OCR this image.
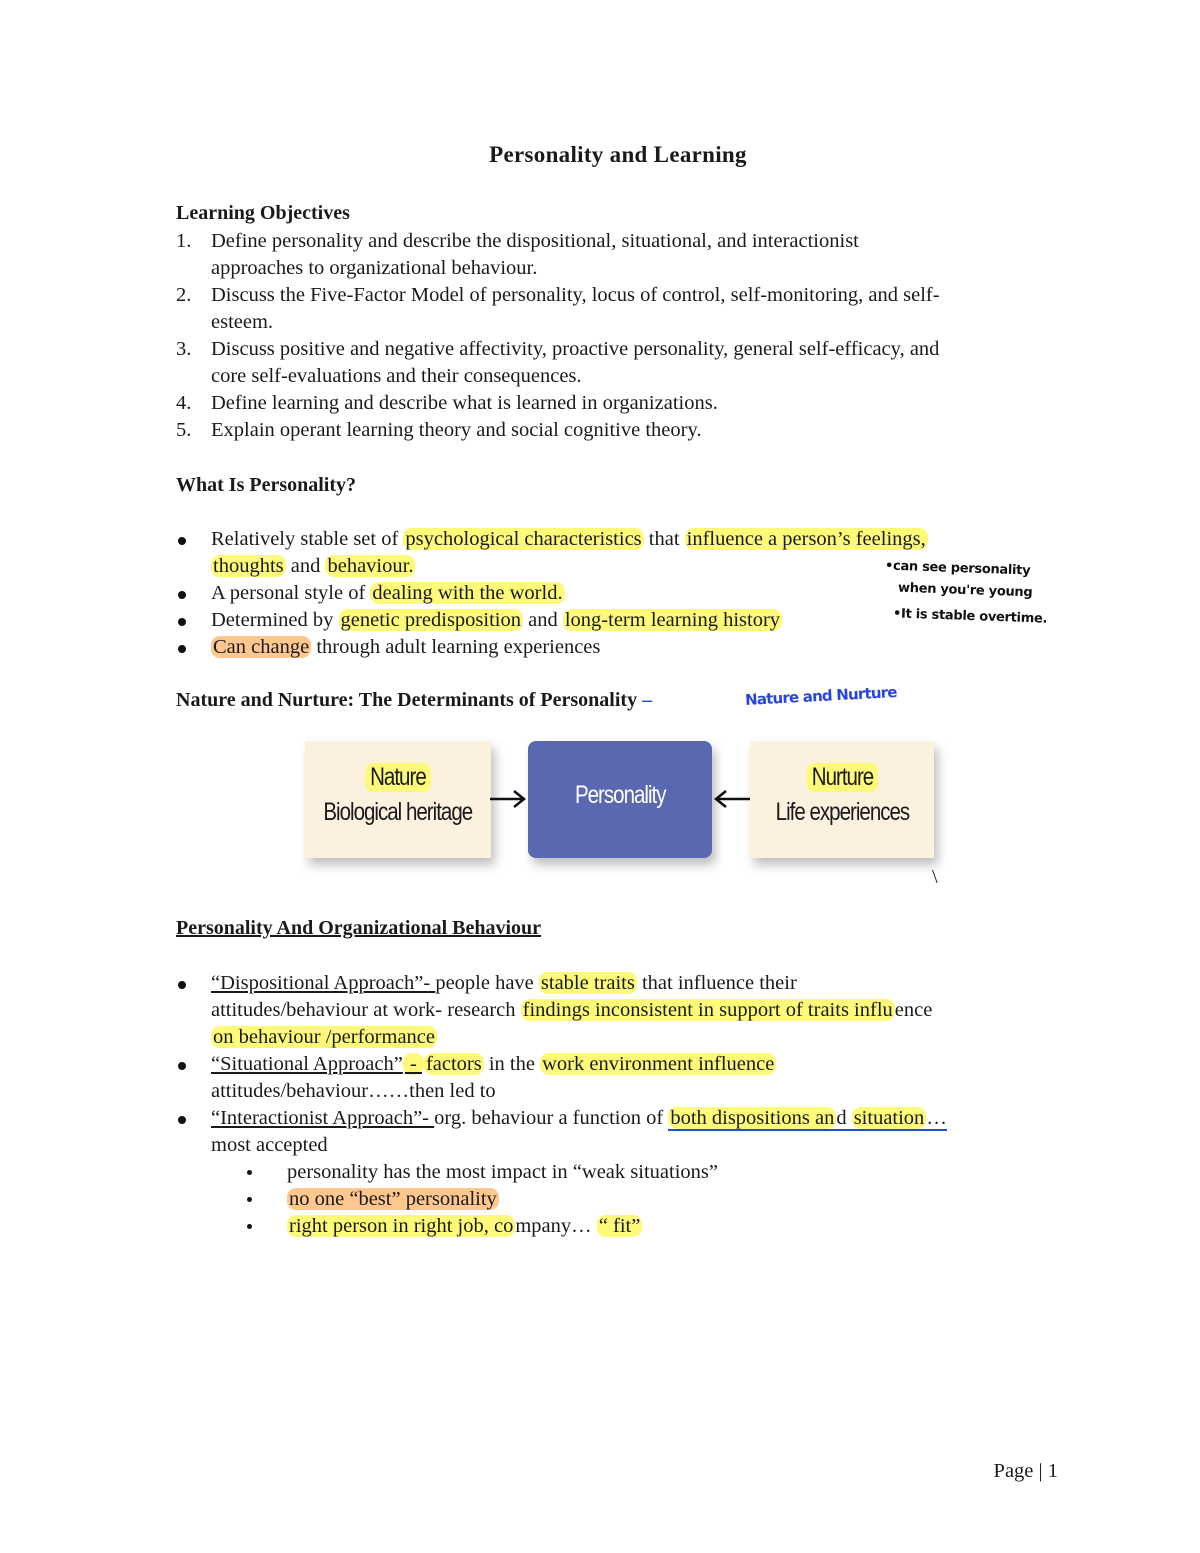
Personality and Learning
Learning Objectives
1. Define personality and describe the dispositional, situational, and interactionist
approaches to organizational behaviour.
2. Discuss the Five-Factor Model of personality, locus of control, self-monitoring, and self-
esteem.
3. Discuss positive and negative affectivity, proactive personality, general self-efficacy, and
core self-evaluations and their consequences.
4. Define learning and describe what is learned in organizations.
5. Explain operant learning theory and social cognitive theory.
What Is Personality?
Relatively stable set of psychological characteristics that influence a person’s feelings,
thoughts and behaviour.
A personal style of dealing with the world.
Determined by genetic predisposition and long-term learning history
Can change through adult learning experiences
•can see personality
when you're young
•It is stable overtime.
Nature and Nurture: The Determinants of Personality –	Nature and Nurture
Nature
Biological heritage
Personality
Nurture
Life experiences
\
Personality And Organizational Behaviour
“Dispositional Approach”- people have stable traits that influence their
attitudes/behaviour at work- research findings inconsistent in support of traits influence
on behaviour /performance
“Situational Approach” - factors in the work environment influence
attitudes/behaviour……then led to
“Interactionist Approach”- org. behaviour a function of both dispositions and situation…
most accepted
personality has the most impact in “weak situations”
no one “best” personality
right person in right job, company… “ fit”
Page | 1
